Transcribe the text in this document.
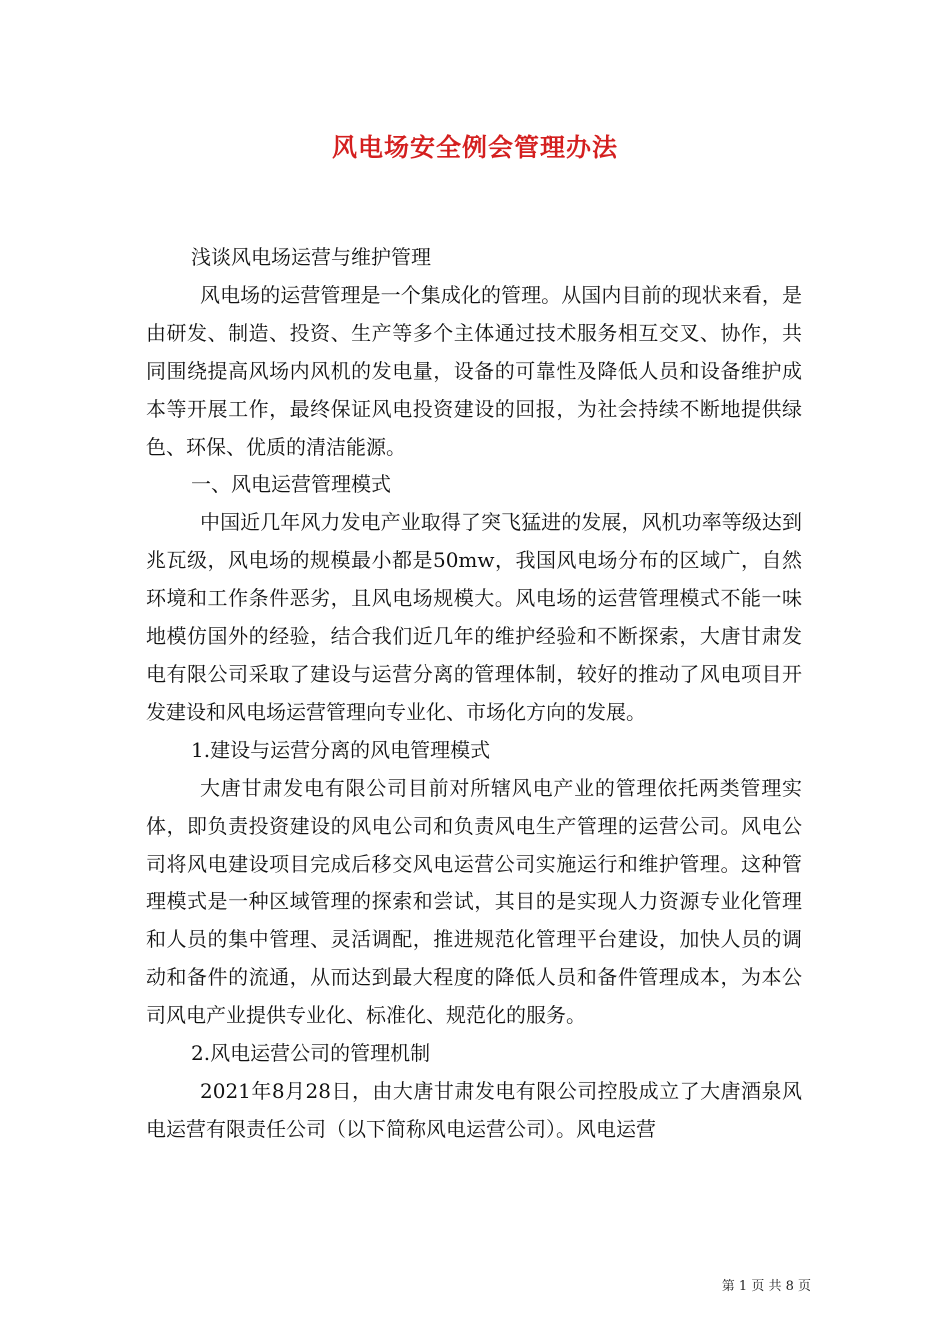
风电场安全例会管理办法

浅谈风电场运营与维护管理

风电场的运营管理是一个集成化的管理。从国内目前的现状来看，是由研发、制造、投资、生产等多个主体通过技术服务相互交叉、协作，共同围绕提高风场内风机的发电量，设备的可靠性及降低人员和设备维护成本等开展工作，最终保证风电投资建设的回报，为社会持续不断地提供绿色、环保、优质的清洁能源。

一、风电运营管理模式

中国近几年风力发电产业取得了突飞猛进的发展，风机功率等级达到兆瓦级，风电场的规模最小都是50mw，我国风电场分布的区域广，自然环境和工作条件恶劣，且风电场规模大。风电场的运营管理模式不能一味地模仿国外的经验，结合我们近几年的维护经验和不断探索，大唐甘肃发电有限公司采取了建设与运营分离的管理体制，较好的推动了风电项目开发建设和风电场运营管理向专业化、市场化方向的发展。

1.建设与运营分离的风电管理模式

大唐甘肃发电有限公司目前对所辖风电产业的管理依托两类管理实体，即负责投资建设的风电公司和负责风电生产管理的运营公司。风电公司将风电建设项目完成后移交风电运营公司实施运行和维护管理。这种管理模式是一种区域管理的探索和尝试，其目的是实现人力资源专业化管理和人员的集中管理、灵活调配，推进规范化管理平台建设，加快人员的调动和备件的流通，从而达到最大程度的降低人员和备件管理成本，为本公司风电产业提供专业化、标准化、规范化的服务。

2.风电运营公司的管理机制

2021年8月28日，由大唐甘肃发电有限公司控股成立了大唐酒泉风电运营有限责任公司（以下简称风电运营公司）。风电运营

第 1 页 共 8 页
